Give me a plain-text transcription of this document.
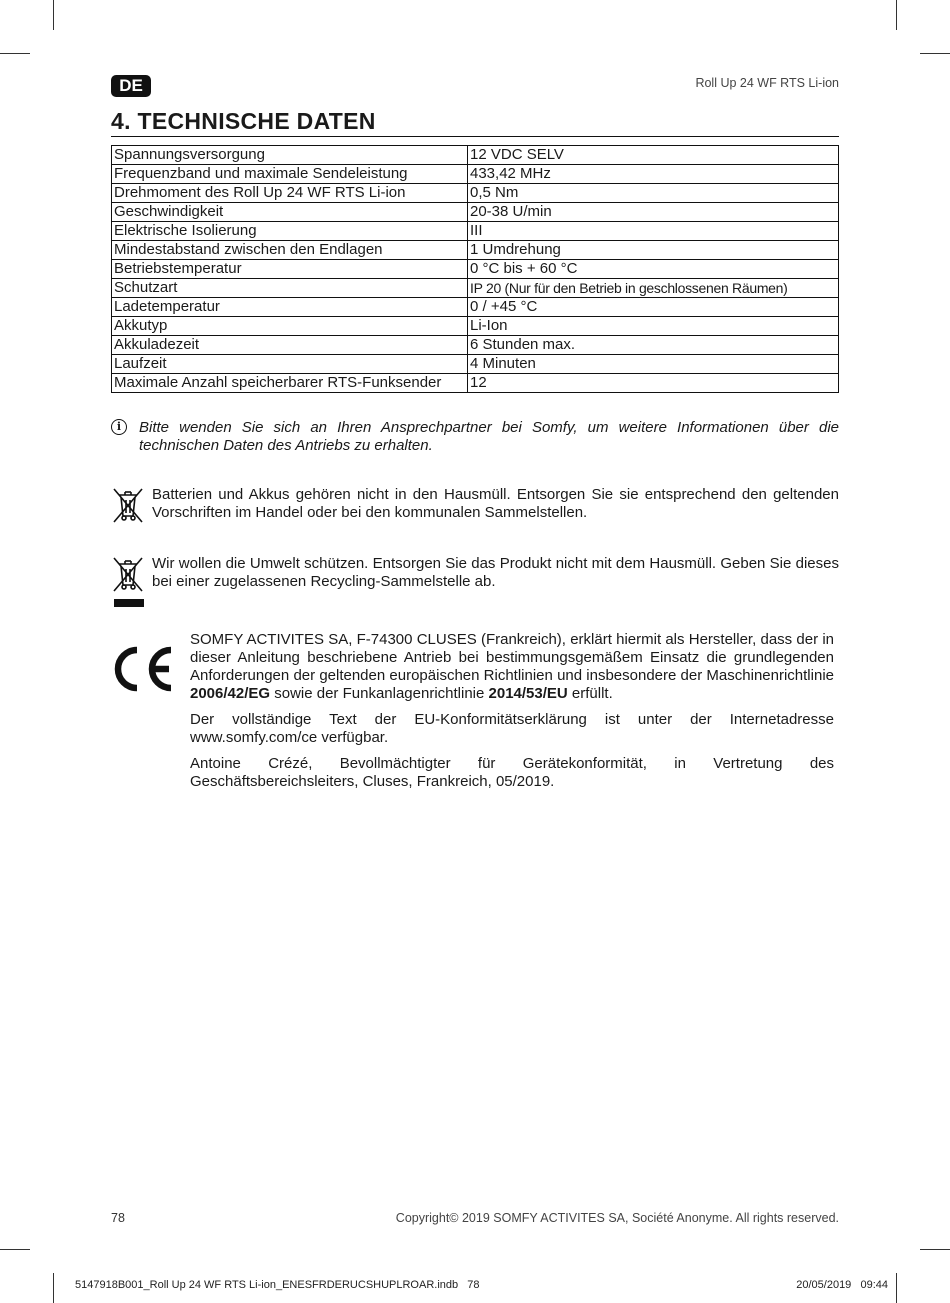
DE	Roll Up 24 WF RTS Li-ion
4. TECHNISCHE DATEN
Spannungsversorgung	12 VDC SELV
Frequenzband und maximale Sendeleistung	433,42 MHz
Drehmoment des Roll Up 24 WF RTS Li-ion	0,5 Nm
Geschwindigkeit	20-38 U/min
Elektrische Isolierung	III
Mindestabstand zwischen den Endlagen	1 Umdrehung
Betriebstemperatur	0 °C bis + 60 °C
Schutzart	IP 20 (Nur für den Betrieb in geschlossenen Räumen)
Ladetemperatur	0 / +45 °C
Akkutyp	Li-Ion
Akkuladezeit	6 Stunden max.
Laufzeit	4 Minuten
Maximale Anzahl speicherbarer RTS-Funksender	12
i	Bitte wenden Sie sich an Ihren Ansprechpartner bei Somfy, um weitere Informationen über die technischen Daten des Antriebs zu erhalten.
Batterien und Akkus gehören nicht in den Hausmüll. Entsorgen Sie sie entsprechend den geltenden Vorschriften im Handel oder bei den kommunalen Sammelstellen.
Wir wollen die Umwelt schützen. Entsorgen Sie das Produkt nicht mit dem Hausmüll. Geben Sie dieses bei einer zugelassenen Recycling-Sammelstelle ab.

SOMFY ACTIVITES SA, F-74300 CLUSES (Frankreich), erklärt hiermit als Hersteller, dass der in dieser Anleitung beschriebene Antrieb bei bestimmungsgemäßem Einsatz die grundlegenden Anforderungen der geltenden europäischen Richtlinien und insbesondere der Maschinenrichtlinie 2006/42/EG sowie der Funkanlagenrichtlinie 2014/53/EU erfüllt.

Der vollständige Text der EU-Konformitätserklärung ist unter der Internetadresse www.somfy.com/ce verfügbar.

Antoine Crézé, Bevollmächtigter für Gerätekonformität, in Vertretung des Geschäftsbereichsleiters, Cluses, Frankreich, 05/2019.

78	Copyright© 2019 SOMFY ACTIVITES SA, Société Anonyme. All rights reserved.
5147918B001_Roll Up 24 WF RTS Li-ion_ENESFRDERUCSHUPLROAR.indb   78	20/05/2019   09:44
